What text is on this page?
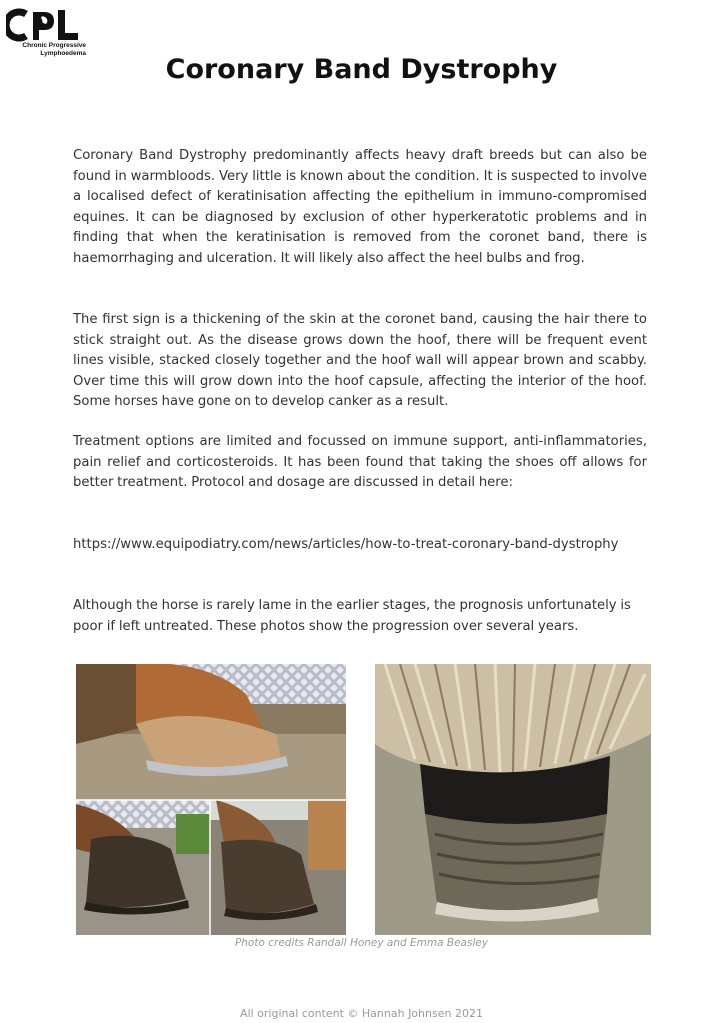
Chronic Progressive
Lymphoedema
Coronary Band Dystrophy

Coronary Band Dystrophy predominantly affects heavy draft breeds but can also be found in warmbloods. Very little is known about the condition. It is suspected to involve a localised defect of keratinisation affecting the epithelium in immuno-compromised equines. It can be diagnosed by exclusion of other hyperkeratotic problems and in finding that when the keratinisation is removed from the coronet band, there is haemorrhaging and ulceration. It will likely also affect the heel bulbs and frog.

The first sign is a thickening of the skin at the coronet band, causing the hair there to stick straight out. As the disease grows down the hoof, there will be frequent event lines visible, stacked closely together and the hoof wall will appear brown and scabby. Over time this will grow down into the hoof capsule, affecting the interior of the hoof. Some horses have gone on to develop canker as a result.

Treatment options are limited and focussed on immune support, anti-inflammatories, pain relief and corticosteroids. It has been found that taking the shoes off allows for better treatment. Protocol and dosage are discussed in detail here:

https://www.equipodiatry.com/news/articles/how-to-treat-coronary-band-dystrophy

Although the horse is rarely lame in the earlier stages, the prognosis unfortunately is poor if left untreated. These photos show the progression over several years.

Photo credits Randall Honey and Emma Beasley
All original content © Hannah Johnsen 2021
